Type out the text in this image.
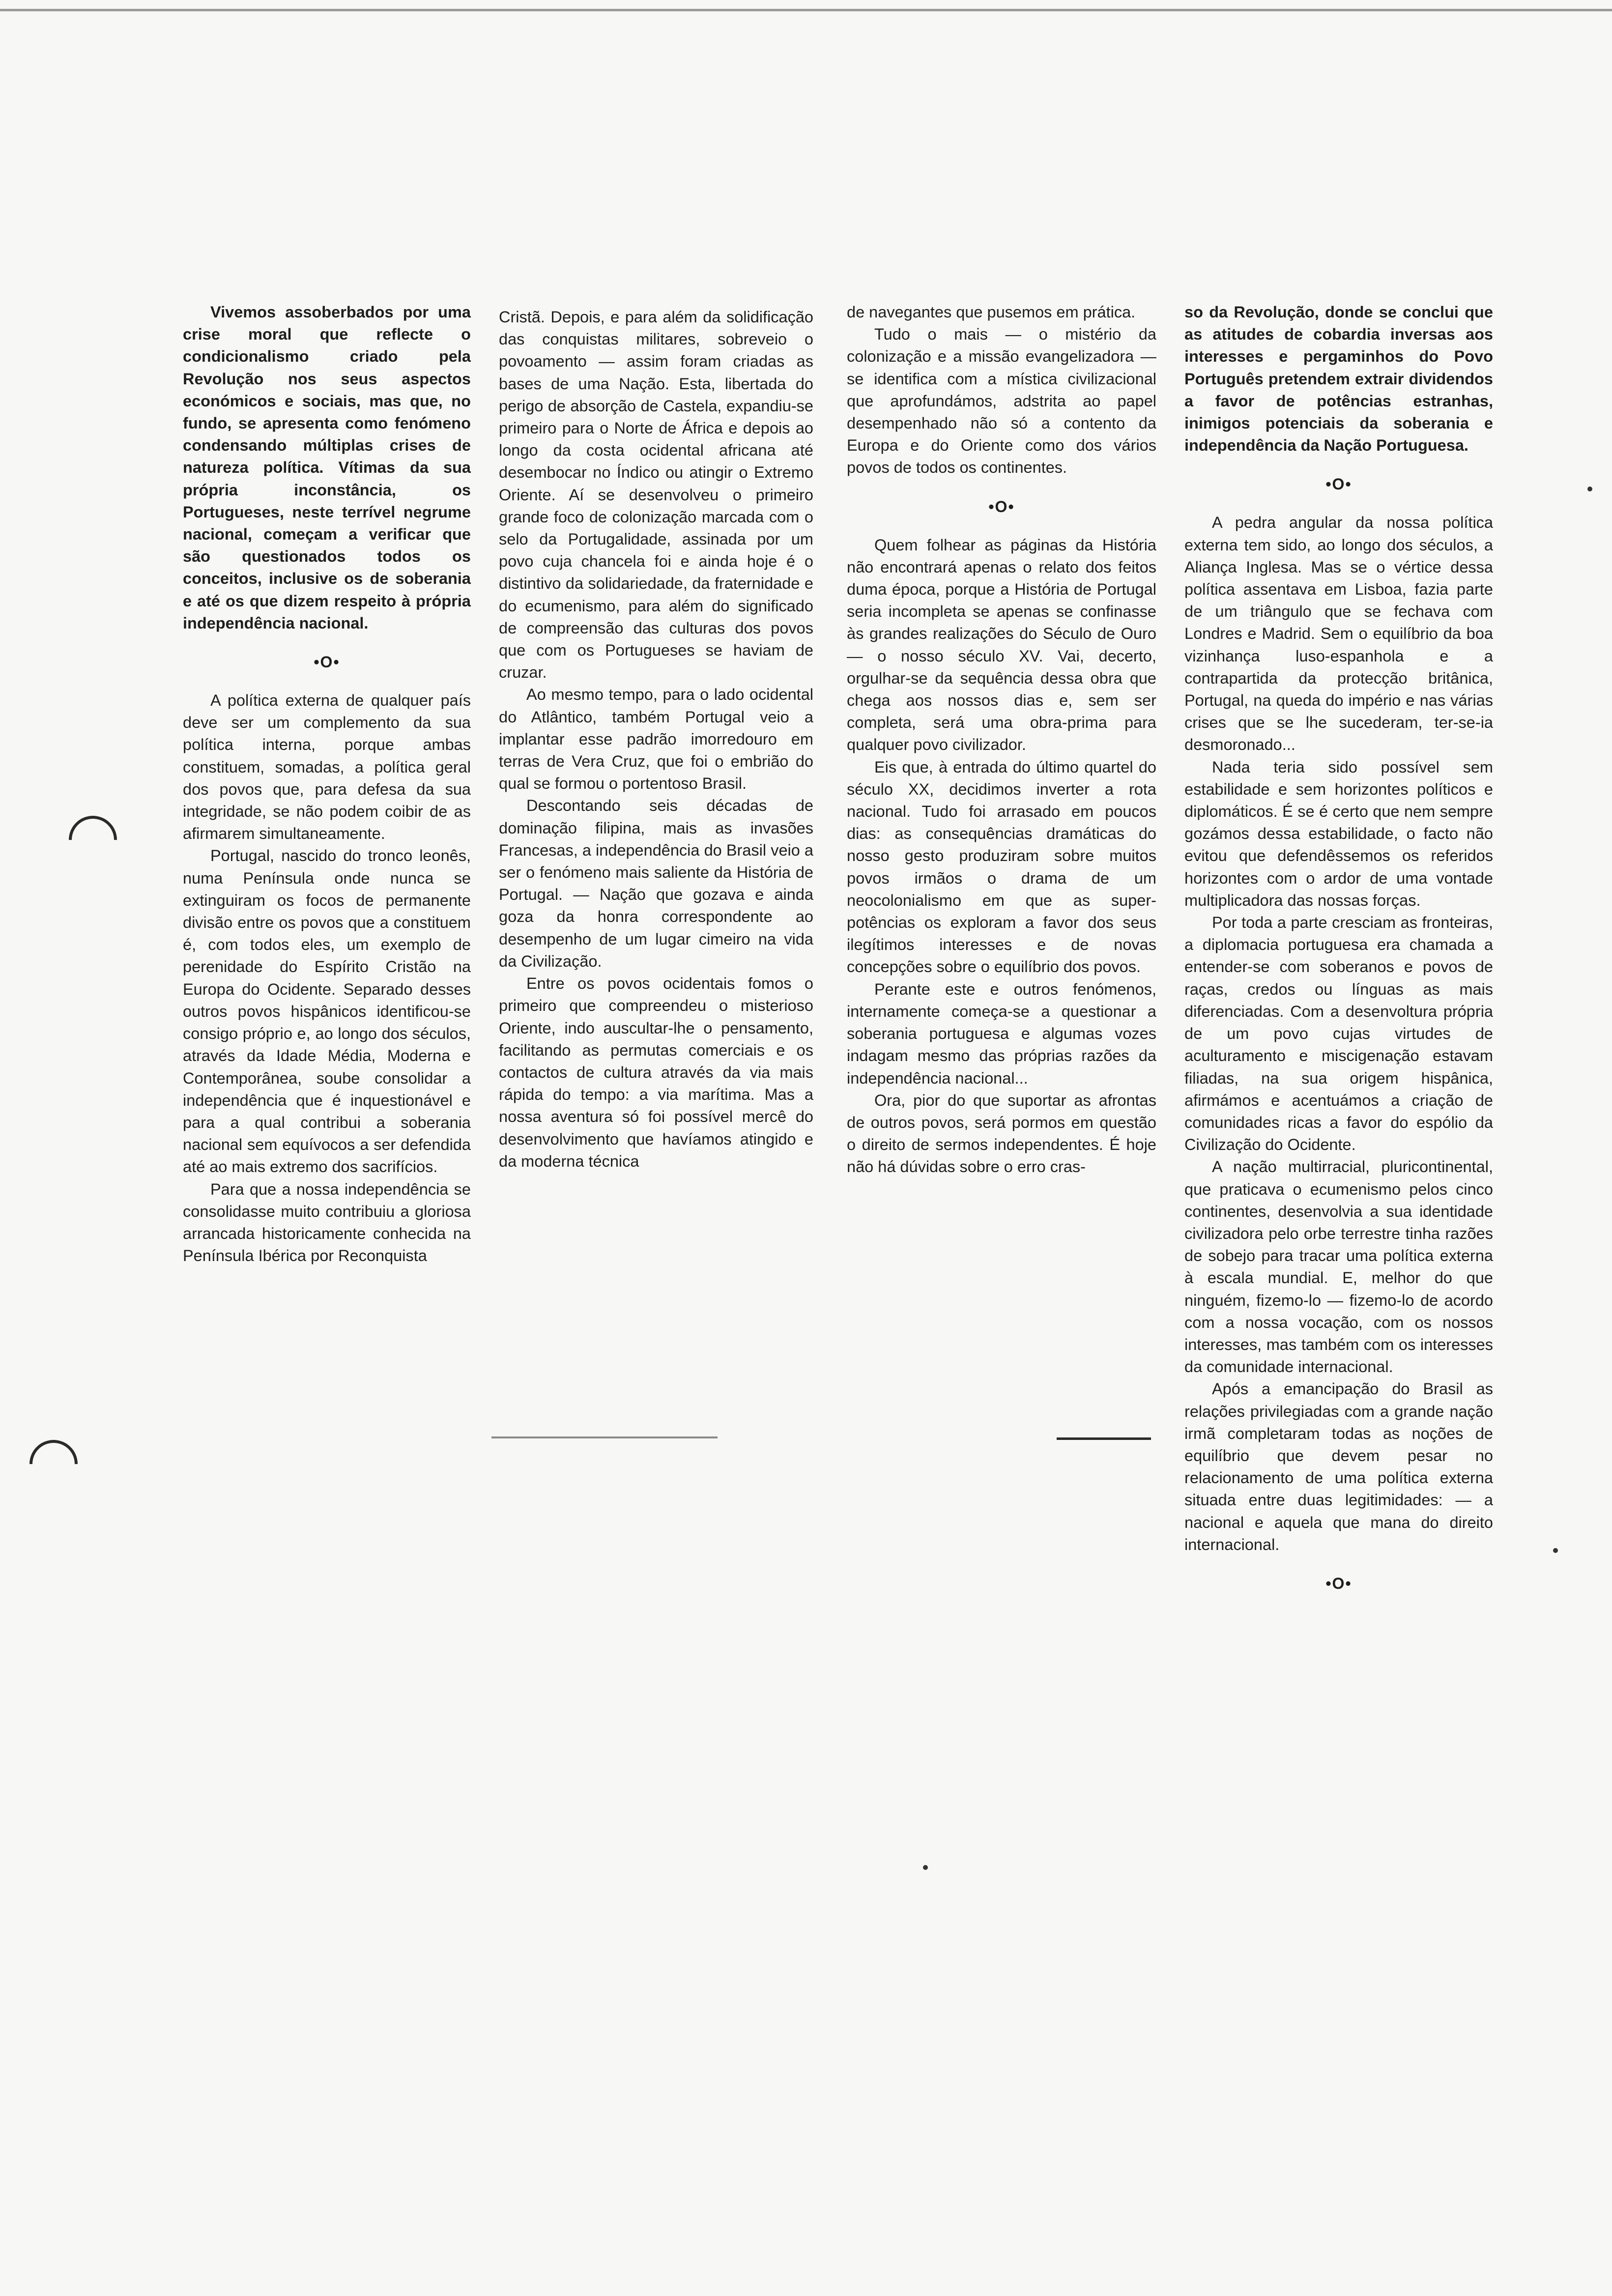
Vivemos assoberbados por uma crise moral que reflecte o condicionalismo criado pela Revolução nos seus aspectos económicos e sociais, mas que, no fundo, se apresenta como fenómeno condensando múltiplas crises de natureza política. Vítimas da sua própria inconstância, os Portugueses, neste terrível negrume nacional, começam a verificar que são questionados todos os conceitos, inclusive os de soberania e até os que dizem respeito à própria independência nacional.

•O•

A política externa de qualquer país deve ser um complemento da sua política interna, porque ambas constituem, somadas, a política geral dos povos que, para defesa da sua integridade, se não podem coibir de as afirmarem simultaneamente.

Portugal, nascido do tronco leonês, numa Península onde nunca se extinguiram os focos de permanente divisão entre os povos que a constituem é, com todos eles, um exemplo de perenidade do Espírito Cristão na Europa do Ocidente. Separado desses outros povos hispânicos identificou-se consigo próprio e, ao longo dos séculos, através da Idade Média, Moderna e Contemporânea, soube consolidar a independência que é inquestionável e para a qual contribui a soberania nacional sem equívocos a ser defendida até ao mais extremo dos sacrifícios.

Para que a nossa independência se consolidasse muito contribuiu a gloriosa arrancada historicamente conhecida na Península Ibérica por Reconquista

Cristã. Depois, e para além da solidificação das conquistas militares, sobreveio o povoamento — assim foram criadas as bases de uma Nação. Esta, libertada do perigo de absorção de Castela, expandiu-se primeiro para o Norte de África e depois ao longo da costa ocidental africana até desembocar no Índico ou atingir o Extremo Oriente. Aí se desenvolveu o primeiro grande foco de colonização marcada com o selo da Portugalidade, assinada por um povo cuja chancela foi e ainda hoje é o distintivo da solidariedade, da fraternidade e do ecumenismo, para além do significado de compreensão das culturas dos povos que com os Portugueses se haviam de cruzar.

Ao mesmo tempo, para o lado ocidental do Atlântico, também Portugal veio a implantar esse padrão imorredouro em terras de Vera Cruz, que foi o embrião do qual se formou o portentoso Brasil.

Descontando seis décadas de dominação filipina, mais as invasões Francesas, a independência do Brasil veio a ser o fenómeno mais saliente da História de Portugal. — Nação que gozava e ainda goza da honra correspondente ao desempenho de um lugar cimeiro na vida da Civilização.

Entre os povos ocidentais fomos o primeiro que compreendeu o misterioso Oriente, indo auscultar-lhe o pensamento, facilitando as permutas comerciais e os contactos de cultura através da via mais rápida do tempo: a via marítima. Mas a nossa aventura só foi possível mercê do desenvolvimento que havíamos atingido e da moderna técnica

de navegantes que pusemos em prática.

Tudo o mais — o mistério da colonização e a missão evangelizadora — se identifica com a mística civilizacional que aprofundámos, adstrita ao papel desempenhado não só a contento da Europa e do Oriente como dos vários povos de todos os continentes.

•O•

Quem folhear as páginas da História não encontrará apenas o relato dos feitos duma época, porque a História de Portugal seria incompleta se apenas se confinasse às grandes realizações do Século de Ouro — o nosso século XV. Vai, decerto, orgulhar-se da sequência dessa obra que chega aos nossos dias e, sem ser completa, será uma obra-prima para qualquer povo civilizador.

Eis que, à entrada do último quartel do século XX, decidimos inverter a rota nacional. Tudo foi arrasado em poucos dias: as consequências dramáticas do nosso gesto produziram sobre muitos povos irmãos o drama de um neocolonialismo em que as super-potências os exploram a favor dos seus ilegítimos interesses e de novas concepções sobre o equilíbrio dos povos.

Perante este e outros fenómenos, internamente começa-se a questionar a soberania portuguesa e algumas vozes indagam mesmo das próprias razões da independência nacional...

Ora, pior do que suportar as afrontas de outros povos, será pormos em questão o direito de sermos independentes. É hoje não há dúvidas sobre o erro cras-

so da Revolução, donde se conclui que as atitudes de cobardia inversas aos interesses e pergaminhos do Povo Português pretendem extrair dividendos a favor de potências estranhas, inimigos potenciais da soberania e independência da Nação Portuguesa.

•O•

A pedra angular da nossa política externa tem sido, ao longo dos séculos, a Aliança Inglesa. Mas se o vértice dessa política assentava em Lisboa, fazia parte de um triângulo que se fechava com Londres e Madrid. Sem o equilíbrio da boa vizinhança luso-espanhola e a contrapartida da protecção britânica, Portugal, na queda do império e nas várias crises que se lhe sucederam, ter-se-ia desmoronado...

Nada teria sido possível sem estabilidade e sem horizontes políticos e diplomáticos. É se é certo que nem sempre gozámos dessa estabilidade, o facto não evitou que defendêssemos os referidos horizontes com o ardor de uma vontade multiplicadora das nossas forças.

Por toda a parte cresciam as fronteiras, a diplomacia portuguesa era chamada a entender-se com soberanos e povos de raças, credos ou línguas as mais diferenciadas. Com a desenvoltura própria de um povo cujas virtudes de aculturamento e miscigenação estavam filiadas, na sua origem hispânica, afirmámos e acentuámos a criação de comunidades ricas a favor do espólio da Civilização do Ocidente.

A nação multirracial, pluricontinental, que praticava o ecumenismo pelos cinco continentes, desenvolvia a sua identidade civilizadora pelo orbe terrestre tinha razões de sobejo para tracar uma política externa à escala mundial. E, melhor do que ninguém, fizemo-lo — fizemo-lo de acordo com a nossa vocação, com os nossos interesses, mas também com os interesses da comunidade internacional.

Após a emancipação do Brasil as relações privilegiadas com a grande nação irmã completaram todas as noções de equilíbrio que devem pesar no relacionamento de uma política externa situada entre duas legitimidades: — a nacional e aquela que mana do direito internacional.

•O•
